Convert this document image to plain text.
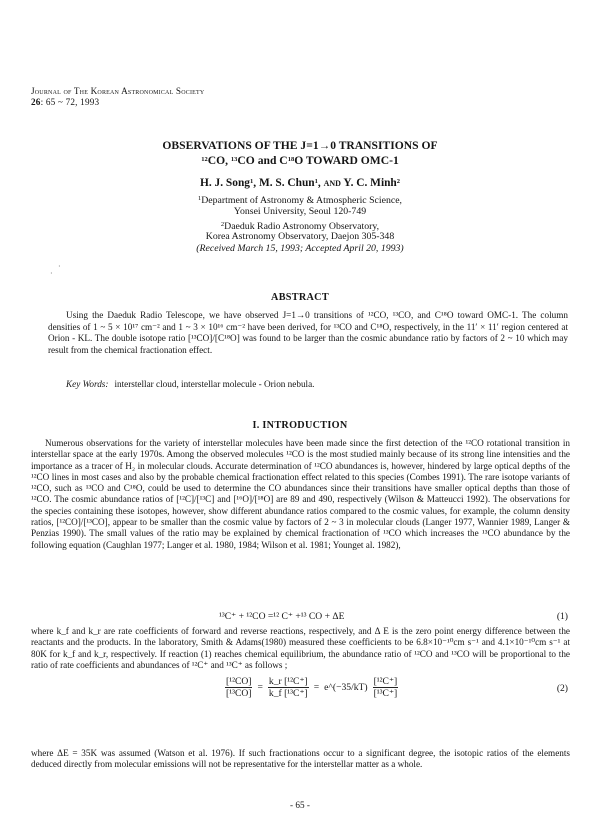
Journal of The Korean Astronomical Society
26: 65 ~ 72, 1993
OBSERVATIONS OF THE J=1→0 TRANSITIONS OF
$^{12}$CO, $^{13}$CO and $C^{18}O$ TOWARD OMC-1
H. J. Song$^1$, M. S. Chun$^1$, and Y. C. Minh$^2$
$^1$Department of Astronomy & Atmospheric Science,
Yonsei University, Seoul 120-749
$^2$Daeduk Radio Astronomy Observatory,
Korea Astronomy Observatory, Daejon 305-348
(Received March 15, 1993; Accepted April 20, 1993)
·
·
ABSTRACT

Using the Daeduk Radio Telescope, we have observed J=1→0 transitions of ¹²CO, ¹³CO, and C¹⁸O toward OMC-1. The column densities of 1 ~ 5 × 10¹⁷ cm⁻² and 1 ~ 3 × 10¹⁶ cm⁻² have been derived, for ¹³CO and C¹⁸O, respectively, in the 11′ × 11′ region centered at Orion - KL. The double isotope ratio [¹³CO]/[C¹⁸O] was found to be larger than the cosmic abundance ratio by factors of 2 ~ 10 which may result from the chemical fractionation effect.

Key Words: interstellar cloud, interstellar molecule - Orion nebula.
I. INTRODUCTION

Numerous observations for the variety of interstellar molecules have been made since the first detection of the ¹²CO rotational transition in interstellar space at the early 1970s. Among the observed molecules ¹²CO is the most studied mainly because of its strong line intensities and the importance as a tracer of H₂ in molecular clouds. Accurate determination of ¹²CO abundances is, however, hindered by large optical depths of the ¹²CO lines in most cases and also by the probable chemical fractionation effect related to this species (Combes 1991). The rare isotope variants of ¹²CO, such as ¹³CO and C¹⁸O, could be used to determine the CO abundances since their transitions have smaller optical depths than those of ¹²CO. The cosmic abundance ratios of [¹²C]/[¹³C] and [¹⁶O]/[¹⁸O] are 89 and 490, respectively (Wilson & Matteucci 1992). The observations for the species containing these isotopes, however, show different abundance ratios compared to the cosmic values, for example, the column density ratios, [¹²CO]/[¹³CO], appear to be smaller than the cosmic value by factors of 2 ~ 3 in molecular clouds (Langer 1977, Wannier 1989, Langer & Penzias 1990). The small values of the ratio may be explained by chemical fractionation of ¹³CO which increases the ¹³CO abundance by the following equation (Caughlan 1977; Langer et al. 1980, 1984; Wilson et al. 1981; Younget al. 1982),

¹³C⁺ + ¹²CO =¹² C⁺ +¹³ CO + ΔE	(1)

where k_f and k_r are rate coefficients of forward and reverse reactions, respectively, and Δ E is the zero point energy difference between the reactants and the products. In the laboratory, Smith & Adams(1980) measured these coefficients to be 6.8×10⁻¹⁰cm s⁻¹ and 4.1×10⁻¹⁰cm s⁻¹ at 80K for k_f and k_r, respectively. If reaction (1) reaches chemical equilibrium, the abundance ratio of ¹²CO and ¹³CO will be proportional to the ratio of rate coefficients and abundances of ¹²C⁺ and ¹³C⁺ as follows ;

$\frac{\text{[¹²CO]}}{\text{[¹³CO]}} = \frac{\text{k\_r [¹²C⁺]}}{\text{k\_f [¹³C⁺]}}$ = e^(−35/kT) $\frac{\text{[¹²C⁺]}}{\text{[¹³C⁺]}}$	(2)

where ΔE = 35K was assumed (Watson et al. 1976). If such fractionations occur to a significant degree, the isotopic ratios of the elements deduced directly from molecular emissions will not be representative for the interstellar matter as a whole.

- 65 -
